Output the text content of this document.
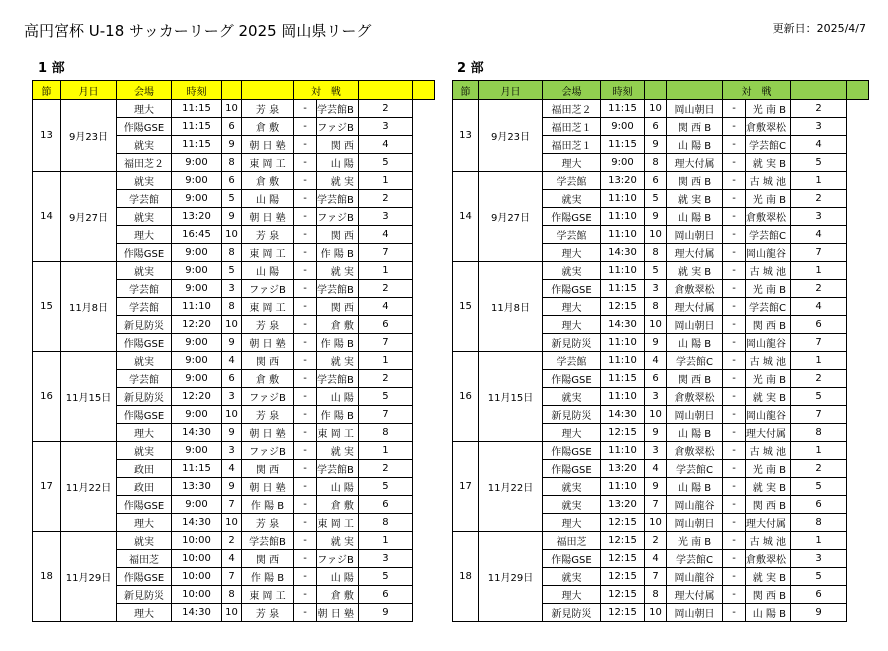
高円宮杯 U-18 サッカーリーグ 2025 岡山県リーグ	更新日：2025/4/7
1 部	2 部
節	月日	会場	時刻			対　戦			
13	9月23日	理大	11:15	10	芳 泉	-	学芸館B	2	
		作陽GSE	11:15	6	倉 敷	-	ファジB	3	
		就実	11:15	9	朝 日 塾	-	関 西	4	
		福田芝２	9:00	8	東 岡 工	-	山 陽	5	
14	9月27日	就実	9:00	6	倉 敷	-	就 実	1	
		学芸館	9:00	5	山 陽	-	学芸館B	2	
		就実	13:20	9	朝 日 塾	-	ファジB	3	
		理大	16:45	10	芳 泉	-	関 西	4	
		作陽GSE	9:00	8	東 岡 工	-	作 陽 B	7	
15	11月8日	就実	9:00	5	山 陽	-	就 実	1	
		学芸館	9:00	3	ファジB	-	学芸館B	2	
		学芸館	11:10	8	東 岡 工	-	関 西	4	
		新見防災	12:20	10	芳 泉	-	倉 敷	6	
		作陽GSE	9:00	9	朝 日 塾	-	作 陽 B	7	
16	11月15日	就実	9:00	4	関 西	-	就 実	1	
		学芸館	9:00	6	倉 敷	-	学芸館B	2	
		新見防災	12:20	3	ファジB	-	山 陽	5	
		作陽GSE	9:00	10	芳 泉	-	作 陽 B	7	
		理大	14:30	9	朝 日 塾	-	東 岡 工	8	
17	11月22日	就実	9:00	3	ファジB	-	就 実	1	
		政田	11:15	4	関 西	-	学芸館B	2	
		政田	13:30	9	朝 日 塾	-	山 陽	5	
		作陽GSE	9:00	7	作 陽 B	-	倉 敷	6	
		理大	14:30	10	芳 泉	-	東 岡 工	8	
18	11月29日	就実	10:00	2	学芸館B	-	就 実	1	
		福田芝	10:00	4	関 西	-	ファジB	3	
		作陽GSE	10:00	7	作 陽 B	-	山 陽	5	
		新見防災	10:00	8	東 岡 工	-	倉 敷	6	
		理大	14:30	10	芳 泉	-	朝 日 塾	9	
節	月日	会場	時刻			対　戦			
13	9月23日	福田芝２	11:15	10	岡山朝日	-	光 南 B	2	
		福田芝１	9:00	6	関 西 B	-	倉敷翠松	3	
		福田芝１	11:15	9	山 陽 B	-	学芸館C	4	
		理大	9:00	8	理大付属	-	就 実 B	5	
14	9月27日	学芸館	13:20	6	関 西 B	-	古 城 池	1	
		就実	11:10	5	就 実 B	-	光 南 B	2	
		作陽GSE	11:10	9	山 陽 B	-	倉敷翠松	3	
		学芸館	11:10	10	岡山朝日	-	学芸館C	4	
		理大	14:30	8	理大付属	-	岡山龍谷	7	
15	11月8日	就実	11:10	5	就 実 B	-	古 城 池	1	
		作陽GSE	11:15	3	倉敷翠松	-	光 南 B	2	
		理大	12:15	8	理大付属	-	学芸館C	4	
		理大	14:30	10	岡山朝日	-	関 西 B	6	
		新見防災	11:10	9	山 陽 B	-	岡山龍谷	7	
16	11月15日	学芸館	11:10	4	学芸館C	-	古 城 池	1	
		作陽GSE	11:15	6	関 西 B	-	光 南 B	2	
		就実	11:10	3	倉敷翠松	-	就 実 B	5	
		新見防災	14:30	10	岡山朝日	-	岡山龍谷	7	
		理大	12:15	9	山 陽 B	-	理大付属	8	
17	11月22日	作陽GSE	11:10	3	倉敷翠松	-	古 城 池	1	
		作陽GSE	13:20	4	学芸館C	-	光 南 B	2	
		就実	11:10	9	山 陽 B	-	就 実 B	5	
		就実	13:20	7	岡山龍谷	-	関 西 B	6	
		理大	12:15	10	岡山朝日	-	理大付属	8	
18	11月29日	福田芝	12:15	2	光 南 B	-	古 城 池	1	
		作陽GSE	12:15	4	学芸館C	-	倉敷翠松	3	
		就実	12:15	7	岡山龍谷	-	就 実 B	5	
		理大	12:15	8	理大付属	-	関 西 B	6	
		新見防災	12:15	10	岡山朝日	-	山 陽 B	9	
